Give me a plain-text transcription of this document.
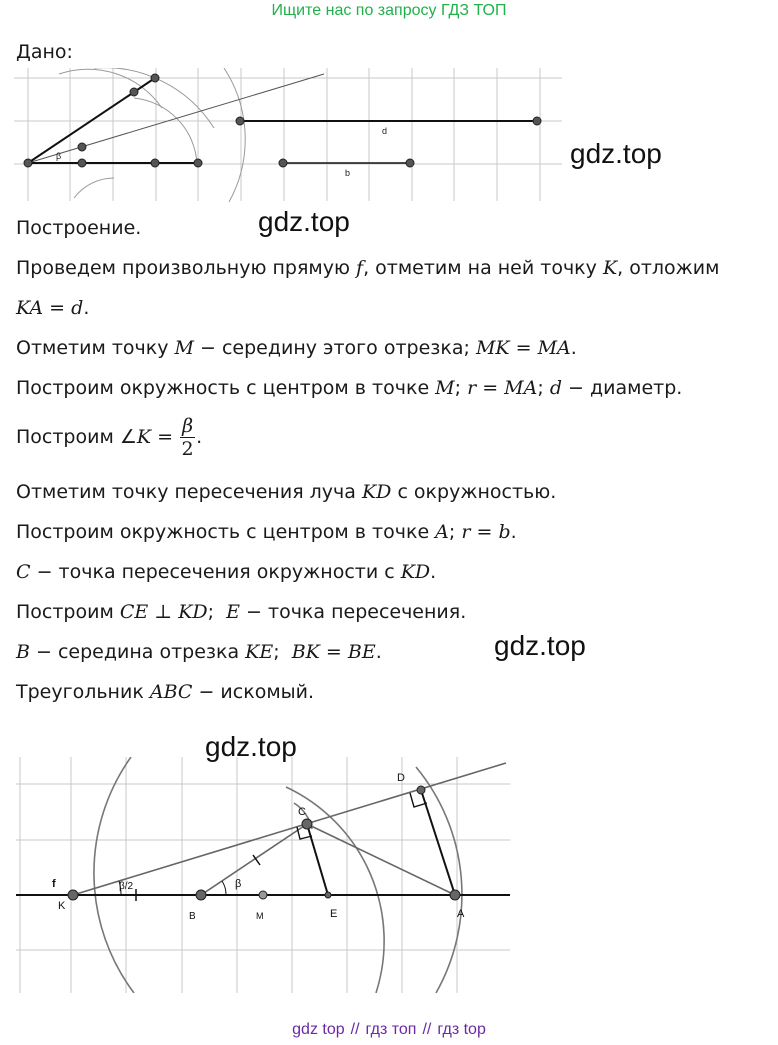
Ищите нас по запросу ГДЗ ТОП
Дано:
β
d
b
gdz.top
gdz.top
Построение.
Проведем произвольную прямую f, отметим на ней точку K, отложим
KA = d.
Отметим точку M − середину этого отрезка; MK = MA.
Построим окружность с центром в точке M; r = MA; d − диаметр.
Построим ∠K = $\frac{\beta}{2}$ .
Отметим точку пересечения луча KD с окружностью.
Построим окружность с центром в точке A; r = b.
C − точка пересечения окружности с KD.
Построим CE ⊥ KD;  E − точка пересечения.
B − середина отрезка KE;  BK = BE.	gdz.top
Треугольник ABC − искомый.
gdz.top
f
K
β/2
B
β
M	E	A
C
D
gdz top // гдз топ // гдз top
